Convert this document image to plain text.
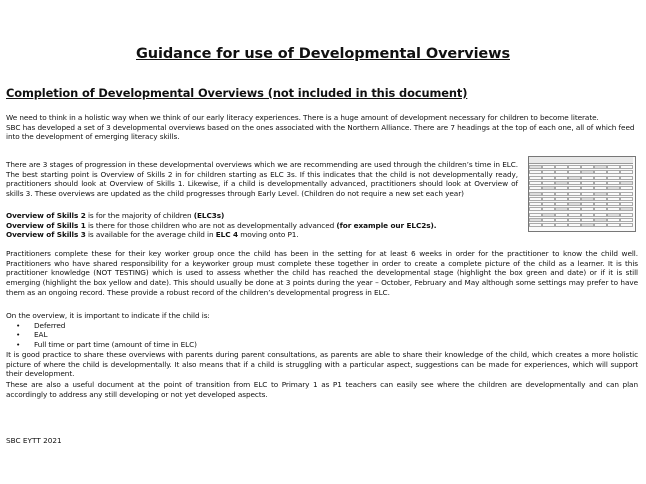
Guidance for use of Developmental Overviews
Completion of Developmental Overviews (not included in this document)
We need to think in a holistic way when we think of our early literacy experiences. There is a huge amount of development necessary for children to become literate.
SBC has developed a set of 3 developmental overviews based on the ones associated with the Northern Alliance. There are 7 headings at the top of each one, all of which feed into the development of emerging literacy skills.
There are 3 stages of progression in these developmental overviews which we are recommending are used through the children’s time in ELC. The best starting point is Overview of Skills 2 in for children starting as ELC 3s. If this indicates that the child is not developmentally ready, practitioners should look at Overview of Skills 1. Likewise, if a child is developmentally advanced, practitioners should look at Overview of skills 3. These overviews are updated as the child progresses through Early Level. (Children do not require a new set each year)
Overview of Skills 2 is for the majority of children (ELC3s)
Overview of Skills 1 is there for those children who are not as developmentally advanced (for example our ELC2s).
Overview of Skills 3 is available for the average child in ELC 4 moving onto P1.
Practitioners complete these for their key worker group once the child has been in the setting for at least 6 weeks in order for the practitioner to know the child well. Practitioners who have shared responsibility for a keyworker group must complete these together in order to create a complete picture of the child as a learner. It is this practitioner knowledge (NOT TESTING) which is used to assess whether the child has reached the developmental stage (highlight the box green and date) or if it is still emerging (highlight the box yellow and date). This should usually be done at 3 points during the year – October, February and May although some settings may prefer to have them as an ongoing record. These provide a robust record of the children’s developmental progress in ELC.
On the overview, it is important to indicate if the child is:
• Deferred
• EAL
• Full time or part time (amount of time in ELC)
It is good practice to share these overviews with parents during parent consultations, as parents are able to share their knowledge of the child, which creates a more holistic picture of where the child is developmentally. It also means that if a child is struggling with a particular aspect, suggestions can be made for experiences, which will support their development.
These are also a useful document at the point of transition from ELC to Primary 1 as P1 teachers can easily see where the children are developmentally and can plan accordingly to address any still developing or not yet developed aspects.
SBC EYTT 2021
